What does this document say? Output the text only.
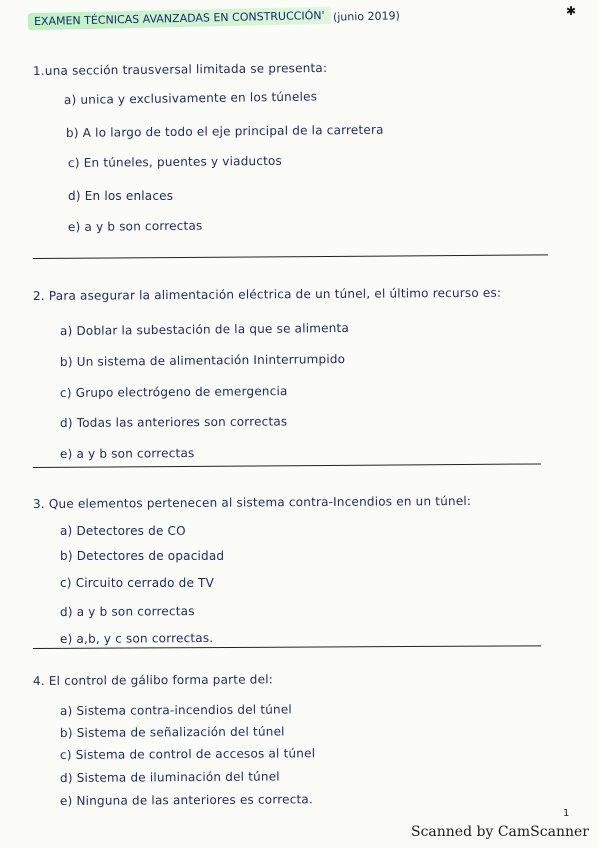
EXAMEN TÉCNICAS AVANZADAS EN CONSTRUCCIÓN' (junio 2019)	✱
1.una sección trausversal limitada se presenta:
a) unica y exclusivamente en los túneles
b) A lo largo de todo el eje principal de la carretera
c) En túneles, puentes y viaductos
d) En los enlaces
e) a y b son correctas
2. Para asegurar la alimentación eléctrica de un túnel, el último recurso es:
a) Doblar la subestación de la que se alimenta
b) Un sistema de alimentación Ininterrumpido
c) Grupo electrógeno de emergencia
d) Todas las anteriores son correctas
e) a y b son correctas
3. Que elementos pertenecen al sistema contra-Incendios en un túnel:
a) Detectores de CO
b) Detectores de opacidad
c) Circuito cerrado de TV
d) a y b son correctas
e) a,b, y c son correctas.
4. El control de gálibo forma parte del:
a) Sistema contra-incendios del túnel
b) Sistema de señalización del túnel
c) Sistema de control de accesos al túnel
d) Sistema de iluminación del túnel
e) Ninguna de las anteriores es correcta.
1
Scanned by CamScanner
